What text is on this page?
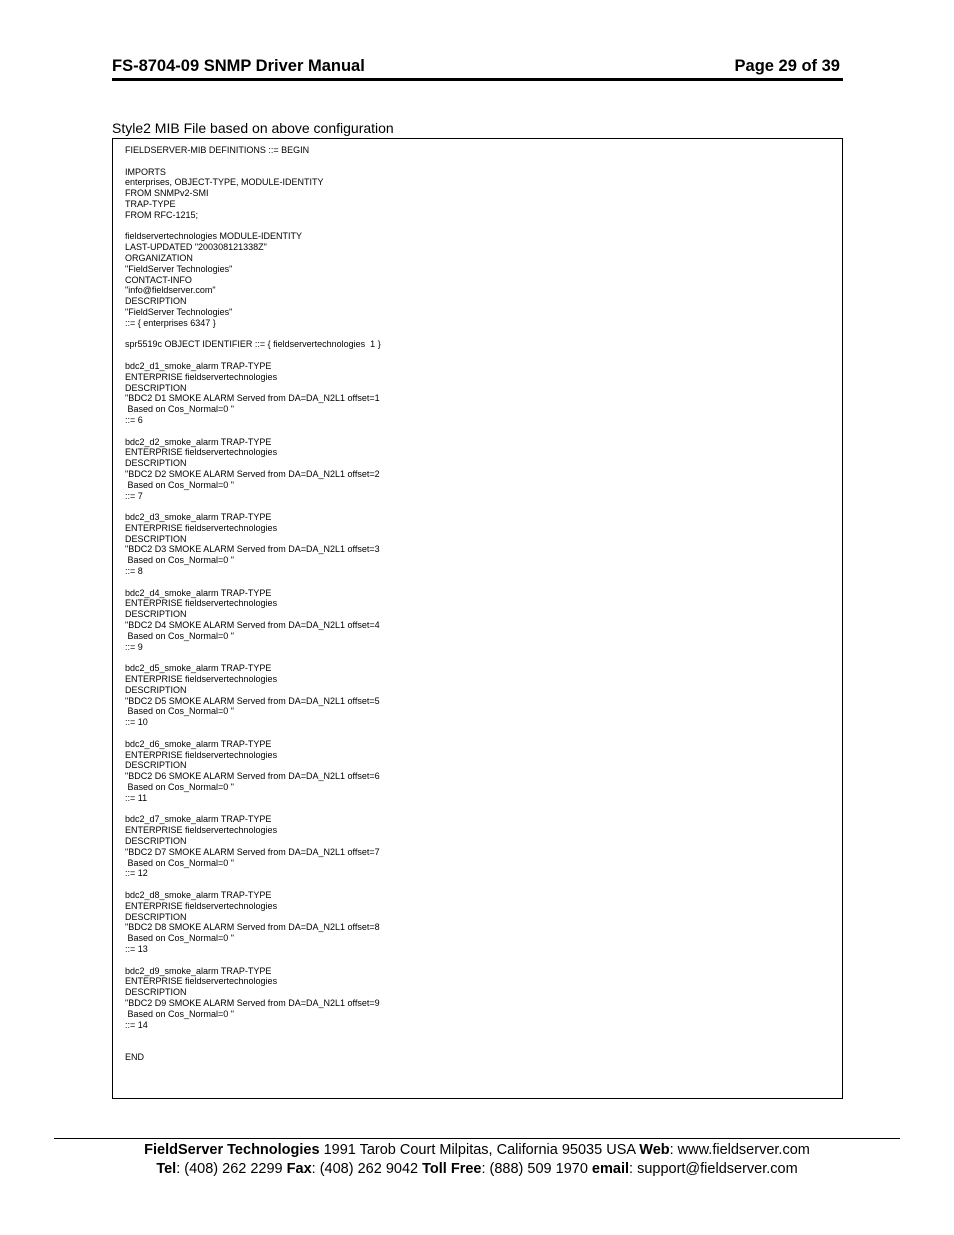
FS-8704-09 SNMP Driver Manual	Page 29 of 39
Style2 MIB File based on above configuration
FIELDSERVER-MIB DEFINITIONS ::= BEGIN

IMPORTS
enterprises, OBJECT-TYPE, MODULE-IDENTITY
FROM SNMPv2-SMI
TRAP-TYPE
FROM RFC-1215;

fieldservertechnologies MODULE-IDENTITY
LAST-UPDATED "200308121338Z"
ORGANIZATION
"FieldServer Technologies"
CONTACT-INFO
"info@fieldserver.com"
DESCRIPTION
"FieldServer Technologies"
::= { enterprises 6347 }

spr5519c OBJECT IDENTIFIER ::= { fieldservertechnologies  1 }

bdc2_d1_smoke_alarm TRAP-TYPE
ENTERPRISE fieldservertechnologies
DESCRIPTION
"BDC2 D1 SMOKE ALARM Served from DA=DA_N2L1 offset=1
Based on Cos_Normal=0 "
::= 6

bdc2_d2_smoke_alarm TRAP-TYPE
ENTERPRISE fieldservertechnologies
DESCRIPTION
"BDC2 D2 SMOKE ALARM Served from DA=DA_N2L1 offset=2
Based on Cos_Normal=0 "
::= 7

bdc2_d3_smoke_alarm TRAP-TYPE
ENTERPRISE fieldservertechnologies
DESCRIPTION
"BDC2 D3 SMOKE ALARM Served from DA=DA_N2L1 offset=3
Based on Cos_Normal=0 "
::= 8

bdc2_d4_smoke_alarm TRAP-TYPE
ENTERPRISE fieldservertechnologies
DESCRIPTION
"BDC2 D4 SMOKE ALARM Served from DA=DA_N2L1 offset=4
Based on Cos_Normal=0 "
::= 9

bdc2_d5_smoke_alarm TRAP-TYPE
ENTERPRISE fieldservertechnologies
DESCRIPTION
"BDC2 D5 SMOKE ALARM Served from DA=DA_N2L1 offset=5
Based on Cos_Normal=0 "
::= 10

bdc2_d6_smoke_alarm TRAP-TYPE
ENTERPRISE fieldservertechnologies
DESCRIPTION
"BDC2 D6 SMOKE ALARM Served from DA=DA_N2L1 offset=6
Based on Cos_Normal=0 "
::= 11

bdc2_d7_smoke_alarm TRAP-TYPE
ENTERPRISE fieldservertechnologies
DESCRIPTION
"BDC2 D7 SMOKE ALARM Served from DA=DA_N2L1 offset=7
Based on Cos_Normal=0 "
::= 12

bdc2_d8_smoke_alarm TRAP-TYPE
ENTERPRISE fieldservertechnologies
DESCRIPTION
"BDC2 D8 SMOKE ALARM Served from DA=DA_N2L1 offset=8
Based on Cos_Normal=0 "
::= 13

bdc2_d9_smoke_alarm TRAP-TYPE
ENTERPRISE fieldservertechnologies
DESCRIPTION
"BDC2 D9 SMOKE ALARM Served from DA=DA_N2L1 offset=9
Based on Cos_Normal=0 "
::= 14

END
FieldServer Technologies 1991 Tarob Court Milpitas, California 95035 USA Web: www.fieldserver.com
Tel: (408) 262 2299 Fax: (408) 262 9042 Toll Free: (888) 509 1970 email: support@fieldserver.com
